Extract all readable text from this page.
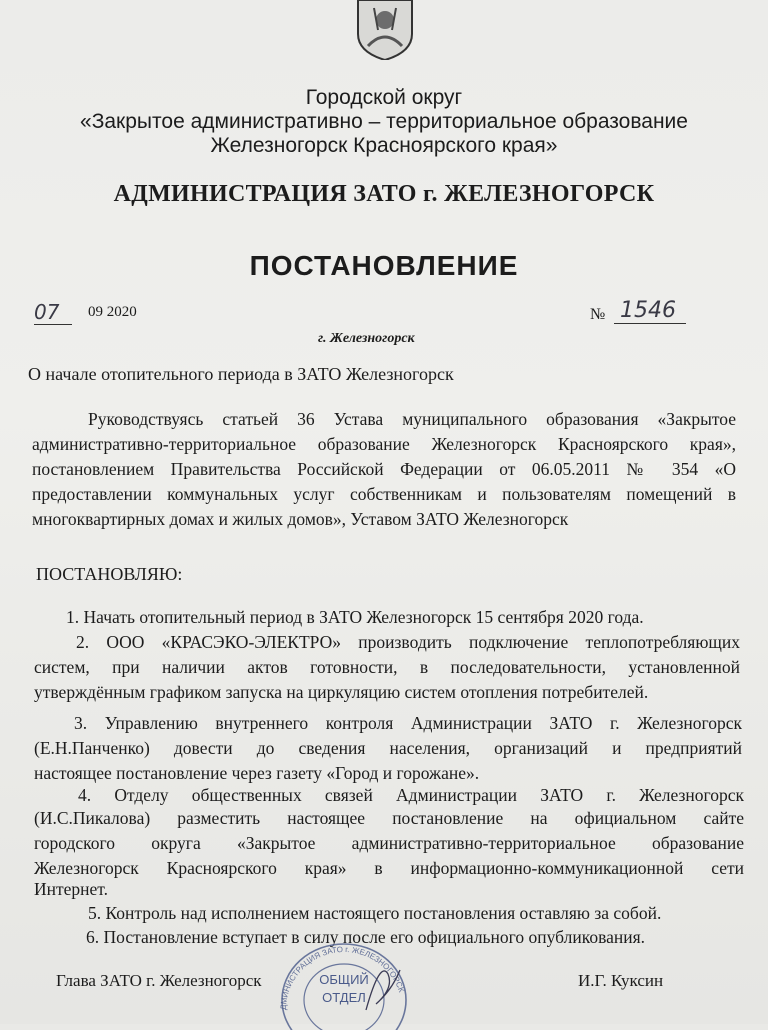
Городской округ
«Закрытое административно – территориальное образование
Железногорск Красноярского края»
АДМИНИСТРАЦИЯ ЗАТО г. ЖЕЛЕЗНОГОРСК
ПОСТАНОВЛЕНИЕ
07	09 2020	№ 1546
г. Железногорск
О начале отопительного периода в ЗАТО Железногорск
Руководствуясь статьей 36 Устава муниципального образования «Закрытое
административно-территориальное образование Железногорск Красноярского края»,
постановлением Правительства Российской Федерации от 06.05.2011 № 354 «О
предоставлении коммунальных услуг собственникам и пользователям помещений в
многоквартирных домах и жилых домов», Уставом ЗАТО Железногорск
ПОСТАНОВЛЯЮ:
1. Начать отопительный период в ЗАТО Железногорск 15 сентября 2020 года.
2. ООО «КРАСЭКО-ЭЛЕКТРО» производить подключение теплопотребляющих
систем, при наличии актов готовности, в последовательности, установленной
утверждённым графиком запуска на циркуляцию систем отопления потребителей.
3. Управлению внутреннего контроля Администрации ЗАТО г. Железногорск
(Е.Н.Панченко) довести до сведения населения, организаций и предприятий
настоящее постановление через газету «Город и горожане».
4. Отделу общественных связей Администрации ЗАТО г. Железногорск
(И.С.Пикалова) разместить настоящее постановление на официальном сайте
городского округа «Закрытое административно-территориальное образование
Железногорск Красноярского края» в информационно-коммуникационной сети
Интернет.
5. Контроль над исполнением настоящего постановления оставляю за собой.
6. Постановление вступает в силу после его официального опубликования.
Глава ЗАТО г. Железногорск	И.Г. Куксин
ДМИНИСТРАЦИЯ ЗАТО г. ЖЕЛЕЗНОГОРСК
ОБЩИЙ
ОТДЕЛ
